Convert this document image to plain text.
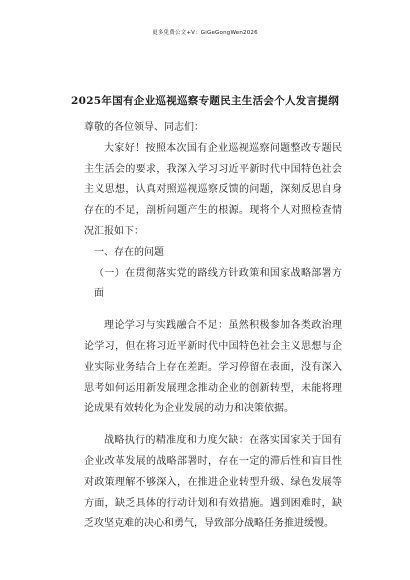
更多免费公文+V：GiGeGongWen2026
2025年国有企业巡视巡察专题民主生活会个人发言提纲

尊敬的各位领导、同志们：

大家好！按照本次国有企业巡视巡察问题整改专题民主生活会的要求，我深入学习习近平新时代中国特色社会主义思想，认真对照巡视巡察反馈的问题，深刻反思自身存在的不足，剖析问题产生的根源。现将个人对照检查情况汇报如下：

一、存在的问题

（一）在贯彻落实党的路线方针政策和国家战略部署方面

理论学习与实践融合不足：虽然积极参加各类政治理论学习，但在将习近平新时代中国特色社会主义思想与企业实际业务结合上存在差距。学习停留在表面，没有深入思考如何运用新发展理念推动企业的创新转型，未能将理论成果有效转化为企业发展的动力和决策依据。

战略执行的精准度和力度欠缺：在落实国家关于国有企业改革发展的战略部署时，存在一定的滞后性和盲目性对政策理解不够深入，在推进企业转型升级、绿色发展等方面，缺乏具体的行动计划和有效措施。遇到困难时，缺乏攻坚克难的决心和勇气，导致部分战略任务推进缓慢。
